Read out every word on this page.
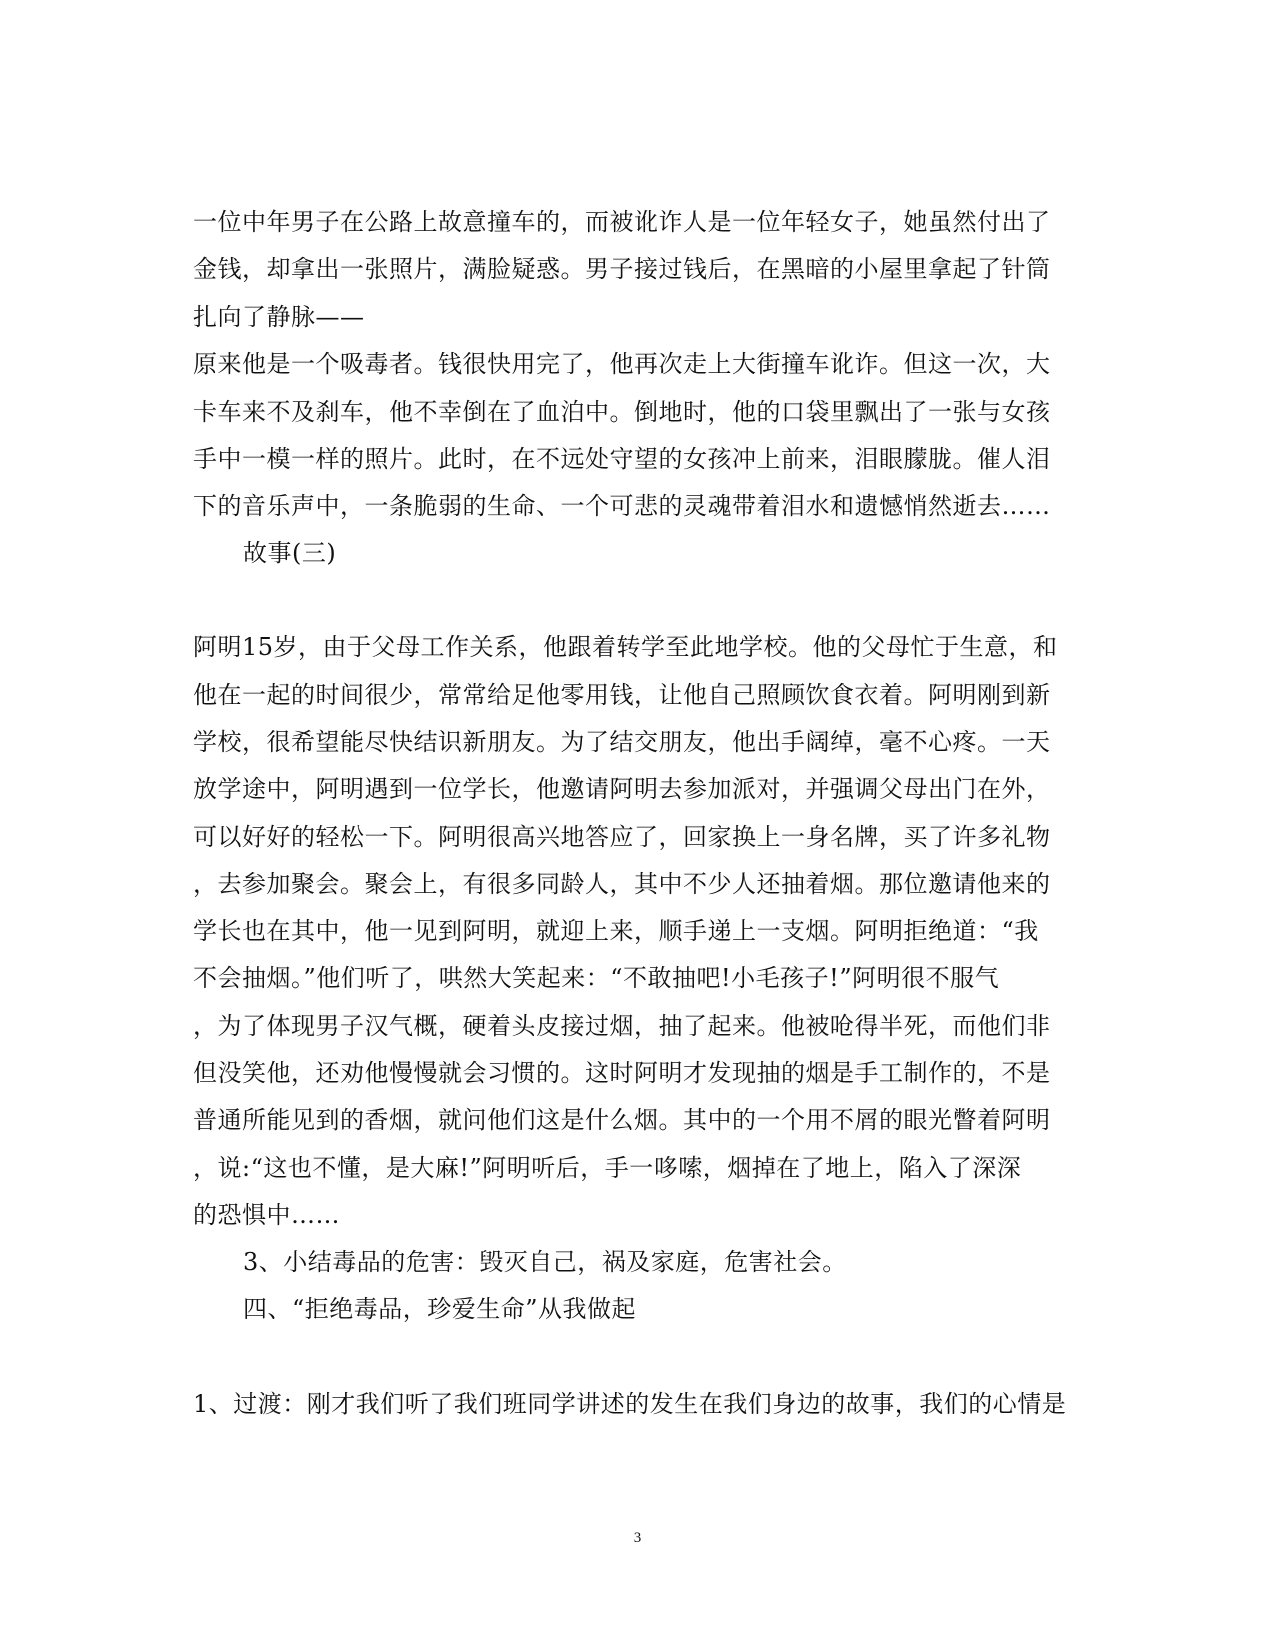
一位中年男子在公路上故意撞车的，而被讹诈人是一位年轻女子，她虽然付出了
金钱，却拿出一张照片，满脸疑惑。男子接过钱后，在黑暗的小屋里拿起了针筒
扎向了静脉——
原来他是一个吸毒者。钱很快用完了，他再次走上大街撞车讹诈。但这一次，大
卡车来不及刹车，他不幸倒在了血泊中。倒地时，他的口袋里飘出了一张与女孩
手中一模一样的照片。此时，在不远处守望的女孩冲上前来，泪眼朦胧。催人泪
下的音乐声中，一条脆弱的生命、一个可悲的灵魂带着泪水和遗憾悄然逝去……
故事(三)
阿明15岁，由于父母工作关系，他跟着转学至此地学校。他的父母忙于生意，和
他在一起的时间很少，常常给足他零用钱，让他自己照顾饮食衣着。阿明刚到新
学校，很希望能尽快结识新朋友。为了结交朋友，他出手阔绰，毫不心疼。一天
放学途中，阿明遇到一位学长，他邀请阿明去参加派对，并强调父母出门在外，
可以好好的轻松一下。阿明很高兴地答应了，回家换上一身名牌，买了许多礼物
，去参加聚会。聚会上，有很多同龄人，其中不少人还抽着烟。那位邀请他来的
学长也在其中，他一见到阿明，就迎上来，顺手递上一支烟。阿明拒绝道：“我
不会抽烟。”他们听了，哄然大笑起来：“不敢抽吧!小毛孩子!”阿明很不服气
，为了体现男子汉气概，硬着头皮接过烟，抽了起来。他被呛得半死，而他们非
但没笑他，还劝他慢慢就会习惯的。这时阿明才发现抽的烟是手工制作的，不是
普通所能见到的香烟，就问他们这是什么烟。其中的一个用不屑的眼光瞥着阿明
，说:“这也不懂，是大麻!”阿明听后，手一哆嗦，烟掉在了地上，陷入了深深
的恐惧中……
3、小结毒品的危害：毁灭自己，祸及家庭，危害社会。
四、“拒绝毒品，珍爱生命”从我做起
1、过渡：刚才我们听了我们班同学讲述的发生在我们身边的故事，我们的心情是
3
